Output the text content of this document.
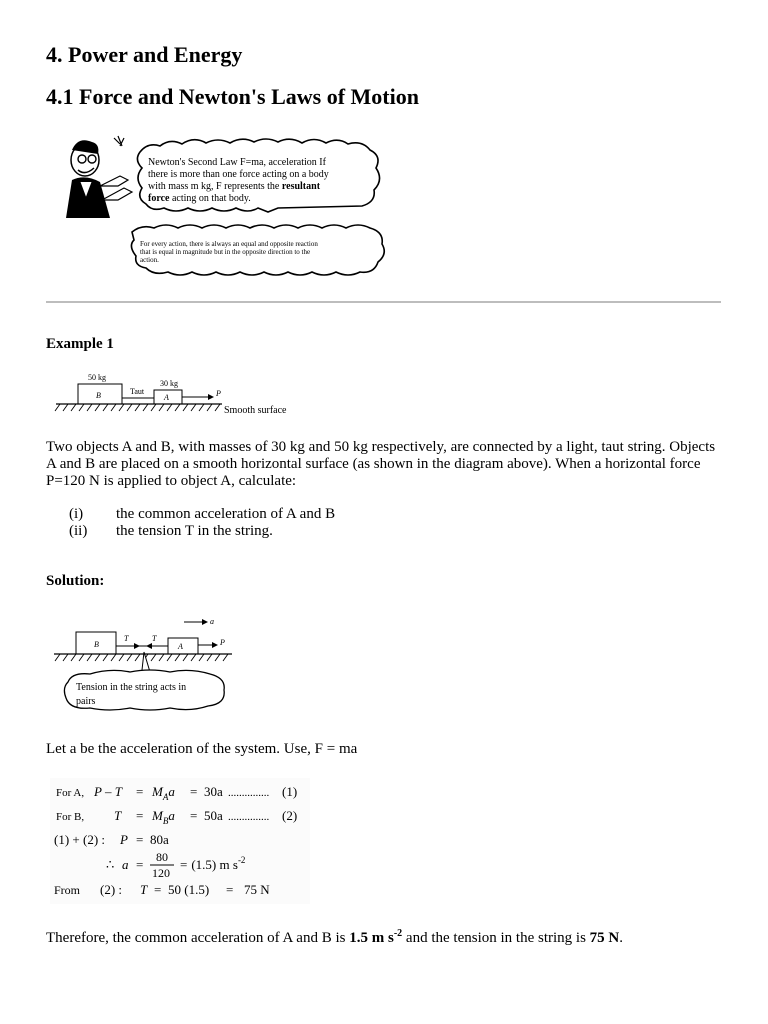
4. Power and Energy
4.1 Force and Newton's Laws of Motion
Newton's Second Law F=ma, acceleration If
there is more than one force acting on a body
with mass m kg, F represents the resultant
force acting on that body.
For every action, there is always an equal and opposite reaction
that is equal in magnitude but in the opposite direction to the
action.
Example 1
50 kg
30 kg
B	Taut
A	P
Smooth surface
Two objects A and B, with masses of 30 kg and 50 kg respectively, are connected by a light, taut string. Objects A and B are placed on a smooth horizontal surface (as shown in the diagram above). When a horizontal force P=120 N is applied to object A, calculate:
(i) the common acceleration of A and B
(ii) the tension T in the string.
Solution:
a
B
T	T
A	P
Tension in the string acts in
pairs
Let a be the acceleration of the system. Use, F = ma
For A, $P - T = M_Aa = 30a$ ............... (1)
For B, $T = M_Ba = 50a$ ............... (2)
(1) + (2) : P = 80a
∴ a = 80
120
= (1.5) m $s^{-2}$
From (2) : T = 50 (1.5) = 75 N
Therefore, the common acceleration of A and B is 1.5 m $s^{-2}$ and the tension in the string is 75 N.
